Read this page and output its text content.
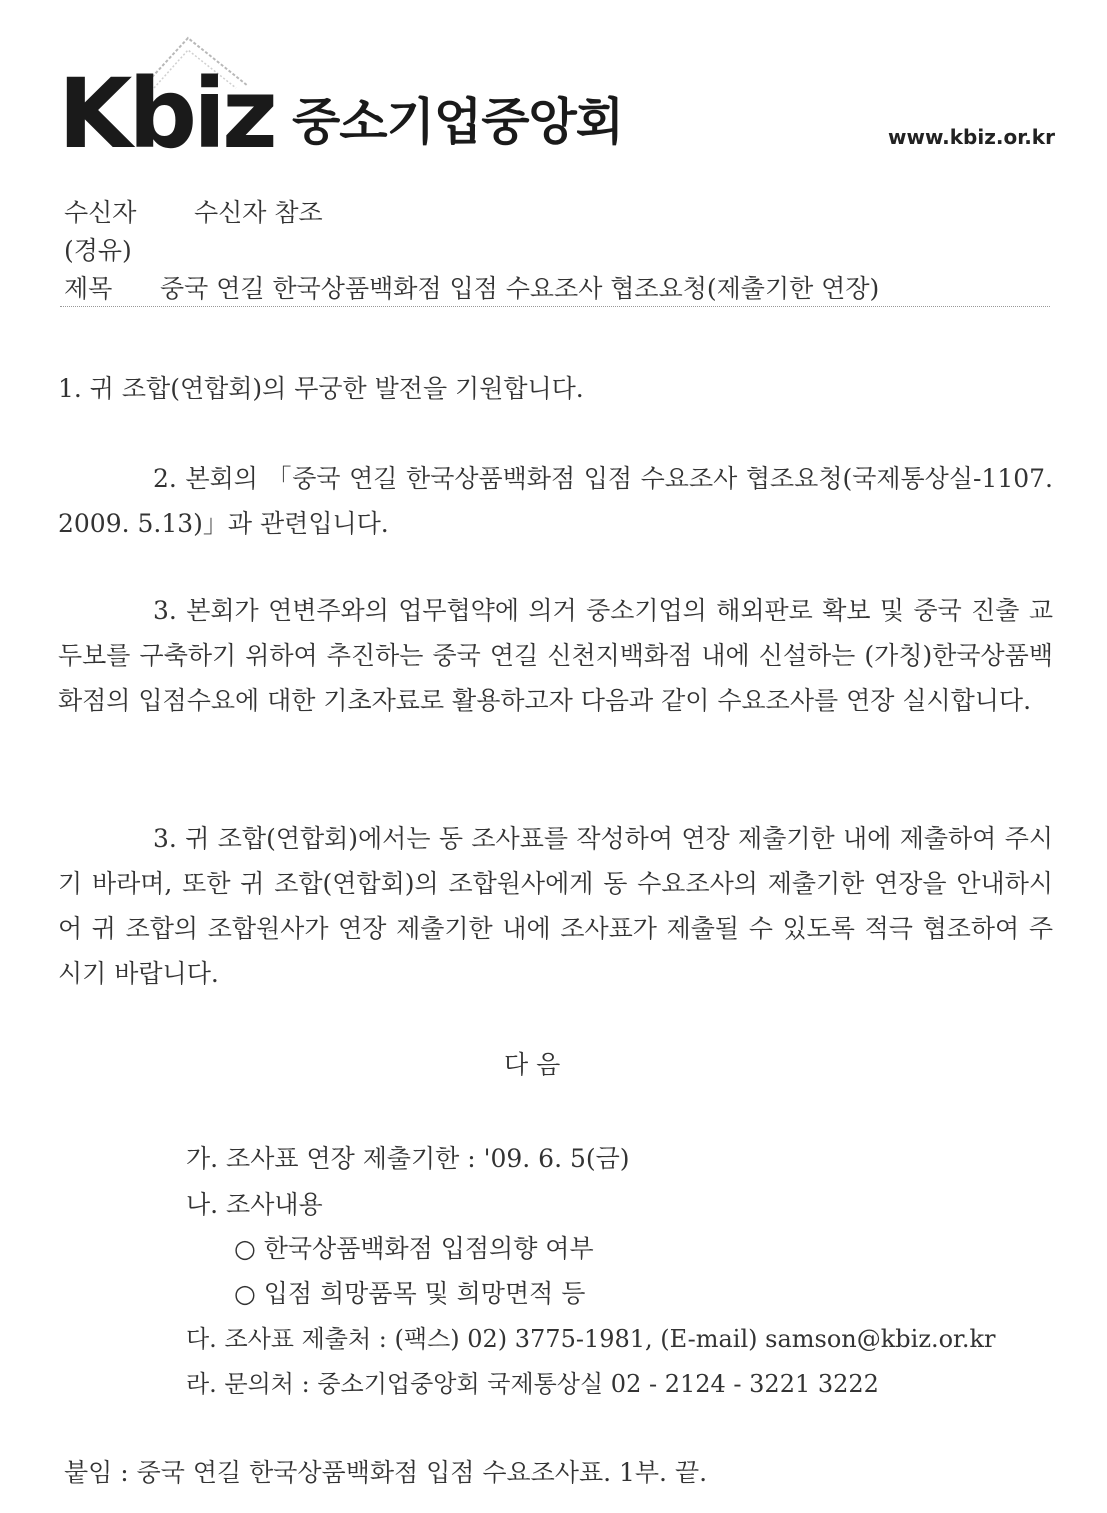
Kbiz 중소기업중앙회	www.kbiz.or.kr
수신자 수신자 참조
(경유)
제목 중국 연길 한국상품백화점 입점 수요조사 협조요청(제출기한 연장)
1. 귀 조합(연합회)의 무궁한 발전을 기원합니다.
2. 본회의 「중국 연길 한국상품백화점 입점 수요조사 협조요청(국제통상실-1107. 2009. 5.13)」과 관련입니다.
3. 본회가 연변주와의 업무협약에 의거 중소기업의 해외판로 확보 및 중국 진출 교두보를 구축하기 위하여 추진하는 중국 연길 신천지백화점 내에 신설하는 (가칭)한국상품백화점의 입점수요에 대한 기초자료로 활용하고자 다음과 같이 수요조사를 연장 실시합니다.
3. 귀 조합(연합회)에서는 동 조사표를 작성하여 연장 제출기한 내에 제출하여 주시기 바라며, 또한 귀 조합(연합회)의 조합원사에게 동 수요조사의 제출기한 연장을 안내하시어 귀 조합의 조합원사가 연장 제출기한 내에 조사표가 제출될 수 있도록 적극 협조하여 주시기 바랍니다.
다 음
가. 조사표 연장 제출기한 : '09. 6. 5(금)
나. 조사내용
○ 한국상품백화점 입점의향 여부
○ 입점 희망품목 및 희망면적 등
다. 조사표 제출처 : (팩스) 02) 3775-1981, (E-mail) samson@kbiz.or.kr
라. 문의처 : 중소기업중앙회 국제통상실 02 - 2124 - 3221 3222
붙임 : 중국 연길 한국상품백화점 입점 수요조사표. 1부. 끝.
